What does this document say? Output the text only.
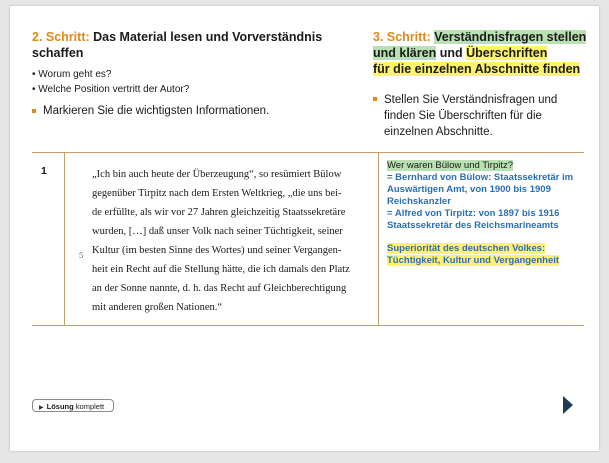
2. Schritt: Das Material lesen und Vorverständnis schaffen
• Worum geht es?
• Welche Position vertritt der Autor?
Markieren Sie die wichtigsten Informationen.
3. Schritt: Verständnisfragen stellen
und klären und Überschriften
für die einzelnen Abschnitte finden
Stellen Sie Verständnisfragen und finden Sie Überschriften für die einzelnen Abschnitte.
1
5
„Ich bin auch heute der Überzeugung“, so resümiert Bülow
gegenüber Tirpitz nach dem Ersten Weltkrieg, „die uns bei-
de erfüllte, als wir vor 27 Jahren gleichzeitig Staatssekretäre
wurden, […] daß unser Volk nach seiner Tüchtigkeit, seiner
Kultur (im besten Sinne des Wortes) und seiner Vergangen-
heit ein Recht auf die Stellung hätte, die ich damals den Platz
an der Sonne nannte, d. h. das Recht auf Gleichberechtigung
mit anderen großen Nationen.“
Wer waren Bülow und Tirpitz?
= Bernhard von Bülow: Staatssekretär im Auswärtigen Amt, von 1900 bis 1909 Reichskanzler
= Alfred von Tirpitz: von 1897 bis 1916 Staatssekretär des Reichsmarineamts
Superiorität des deutschen Volkes: Tüchtigkeit, Kultur und Vergangenheit
▶ Lösung komplett
